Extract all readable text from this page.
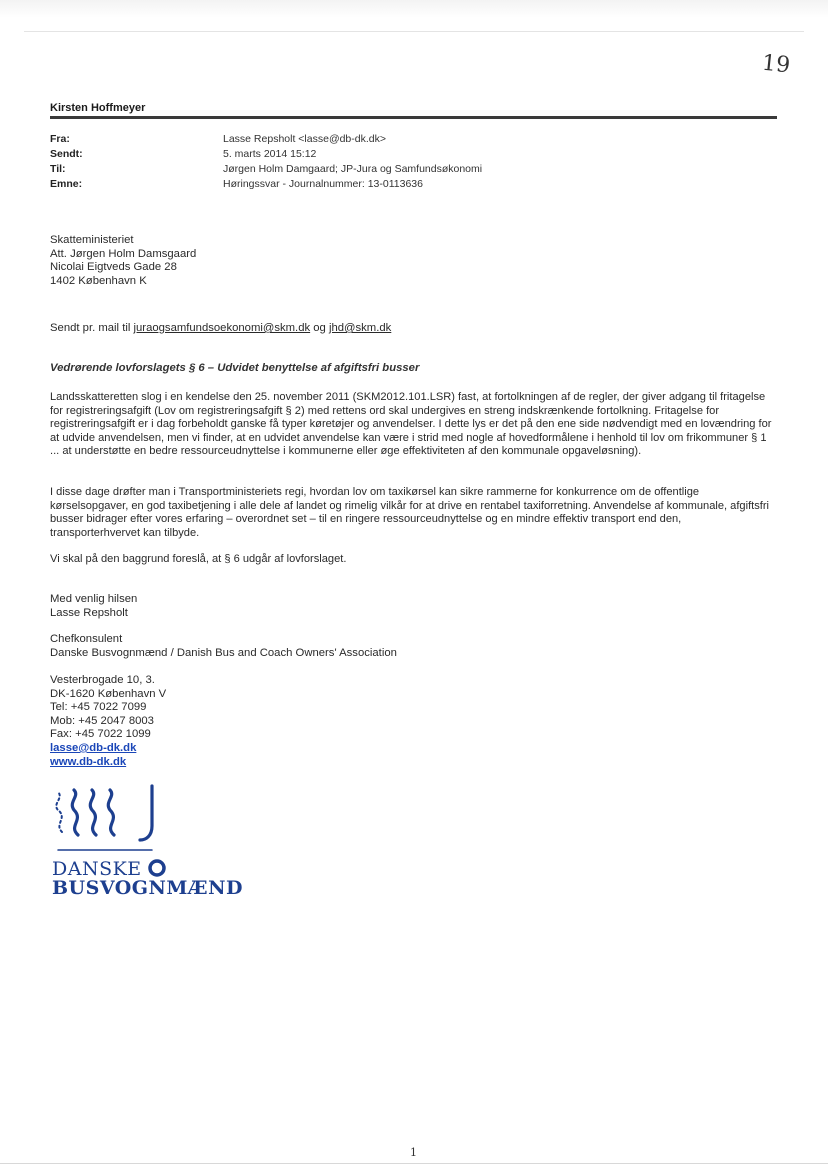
19
Kirsten Hoffmeyer
Fra:	Lasse Repsholt <lasse@db-dk.dk>
Sendt:	5. marts 2014 15:12
Til:	Jørgen Holm Damgaard; JP-Jura og Samfundsøkonomi
Emne:	Høringssvar - Journalnummer: 13-0113636
Skatteministeriet
Att. Jørgen Holm Damsgaard
Nicolai Eigtveds Gade 28
1402 København K
Sendt pr. mail til juraogsamfundsoekonomi@skm.dk og jhd@skm.dk
Vedrørende lovforslagets § 6 – Udvidet benyttelse af afgiftsfri busser
Landsskatteretten slog i en kendelse den 25. november 2011 (SKM2012.101.LSR) fast, at fortolkningen af de regler, der giver adgang til fritagelse for registreringsafgift (Lov om registreringsafgift § 2) med rettens ord skal undergives en streng indskrænkende fortolkning. Fritagelse for registreringsafgift er i dag forbeholdt ganske få typer køretøjer og anvendelser. I dette lys er det på den ene side nødvendigt med en lovændring for at udvide anvendelsen, men vi finder, at en udvidet anvendelse kan være i strid med nogle af hovedformålene i henhold til lov om frikommuner § 1 ... at understøtte en bedre ressourceudnyttelse i kommunerne eller øge effektiviteten af den kommunale opgaveløsning).
I disse dage drøfter man i Transportministeriets regi, hvordan lov om taxikørsel kan sikre rammerne for konkurrence om de offentlige kørselsopgaver, en god taxibetjening i alle dele af landet og rimelig vilkår for at drive en rentabel taxiforretning. Anvendelse af kommunale, afgiftsfri busser bidrager efter vores erfaring – overordnet set – til en ringere ressourceudnyttelse og en mindre effektiv transport end den, transporterhvervet kan tilbyde.
Vi skal på den baggrund foreslå, at § 6 udgår af lovforslaget.
Med venlig hilsen
Lasse Repsholt
Chefkonsulent
Danske Busvognmænd / Danish Bus and Coach Owners' Association
Vesterbrogade 10, 3.
DK-1620 København V
Tel: +45 7022 7099
Mob: +45 2047 8003
Fax: +45 7022 1099
lasse@db-dk.dk
www.db-dk.dk
DANSKE
BUSVOGNMÆND
1
